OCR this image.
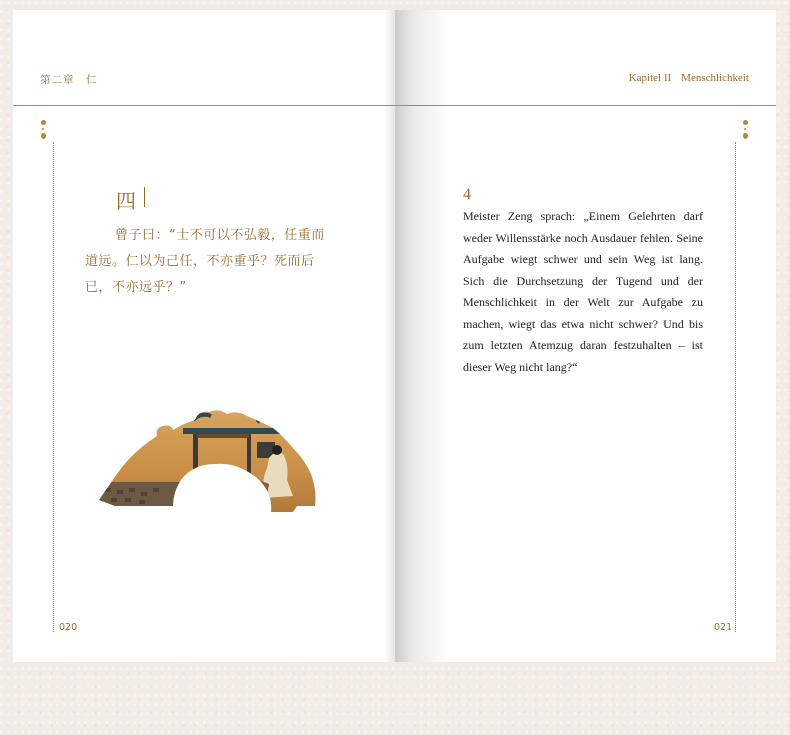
第二章　仁
四
曾子曰：“士不可以不弘毅，任重而道远。仁以为己任，不亦重乎？死而后已，不亦远乎？”
020
Kapitel II Menschlichkeit
4
Meister Zeng sprach: „Einem Gelehrten darf weder Willensstärke noch Ausdauer fehlen. Seine Aufgabe wiegt schwer und sein Weg ist lang. Sich die Durchsetzung der Tugend und der Menschlichkeit in der Welt zur Aufgabe zu machen, wiegt das etwa nicht schwer? Und bis zum letzten Atemzug daran festzuhalten – ist dieser Weg nicht lang?“
021
